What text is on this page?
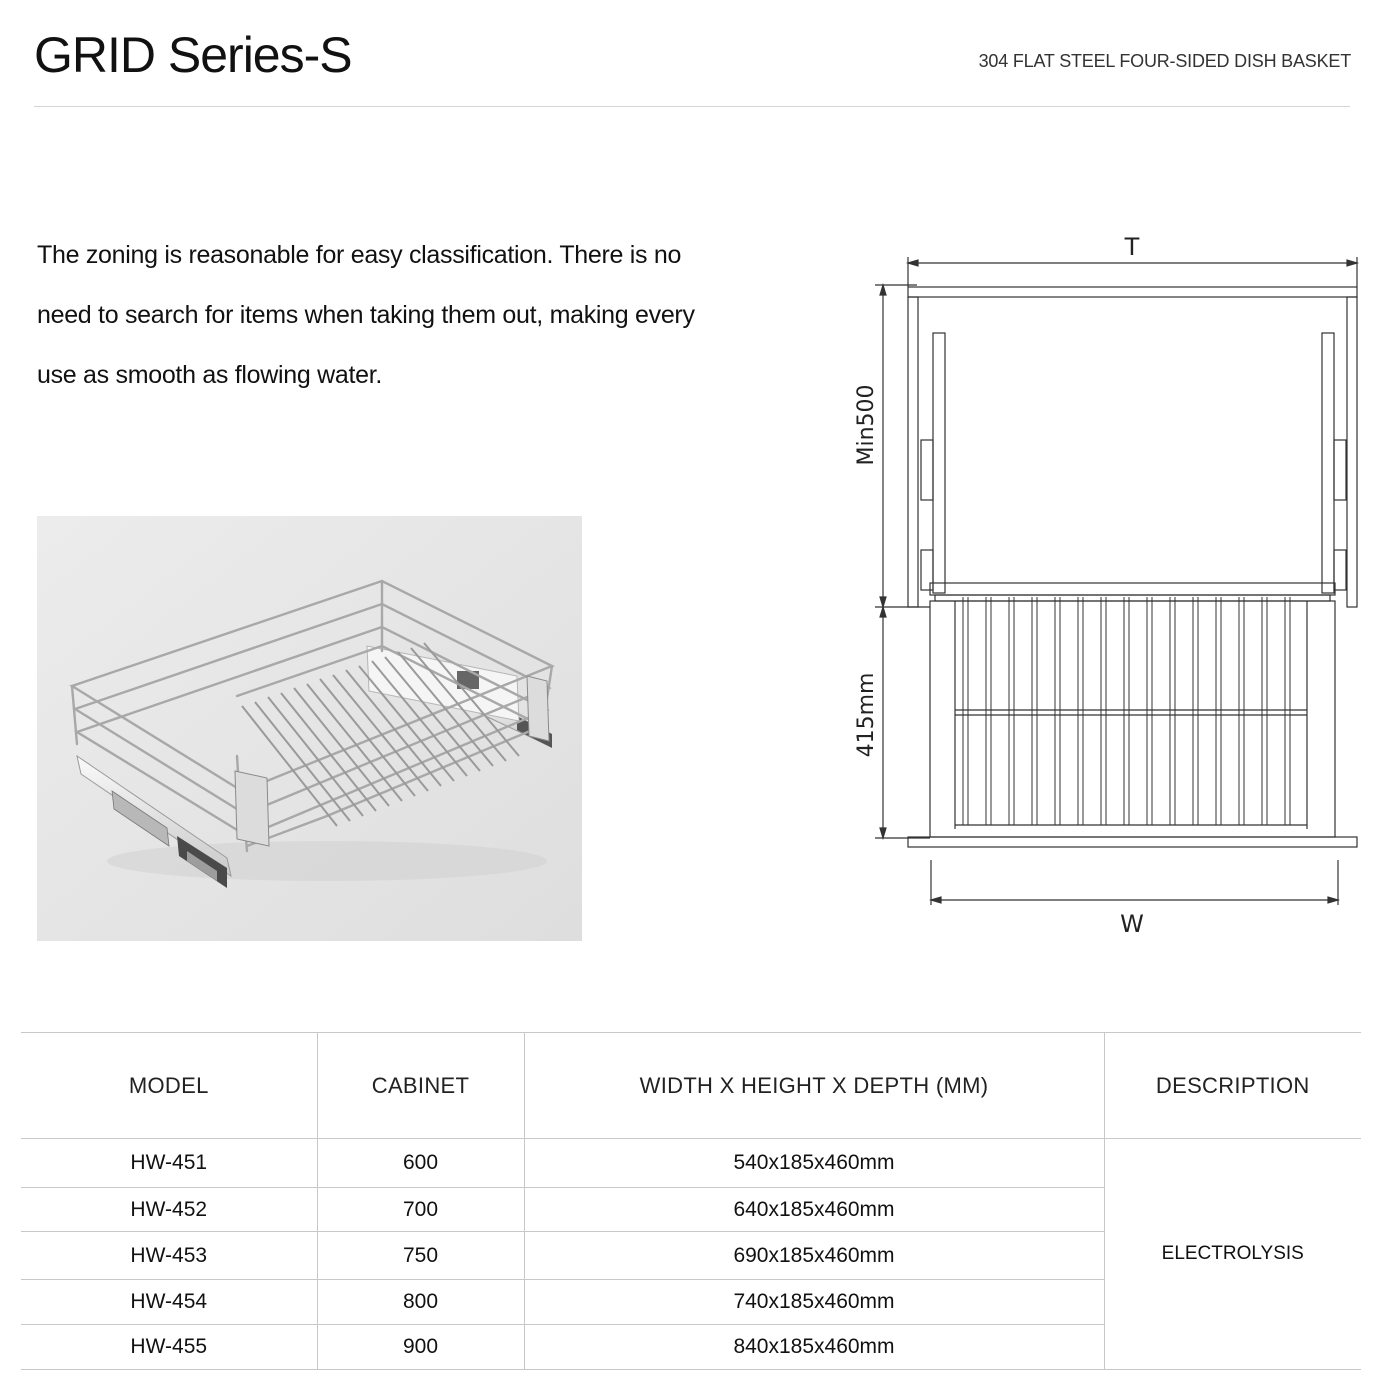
GRID Series-S	304 FLAT STEEL FOUR-SIDED DISH BASKET

The zoning is reasonable for easy classification. There is no need to search for items when taking them out, making every use as smooth as flowing water.

T
W
Min500
415mm
MODEL	CABINET	WIDTH X HEIGHT X DEPTH (MM)	DESCRIPTION
HW-451	600	540x185x460mm	ELECTROLYSIS
HW-452	700	640x185x460mm	
HW-453	750	690x185x460mm	
HW-454	800	740x185x460mm	
HW-455	900	840x185x460mm	
